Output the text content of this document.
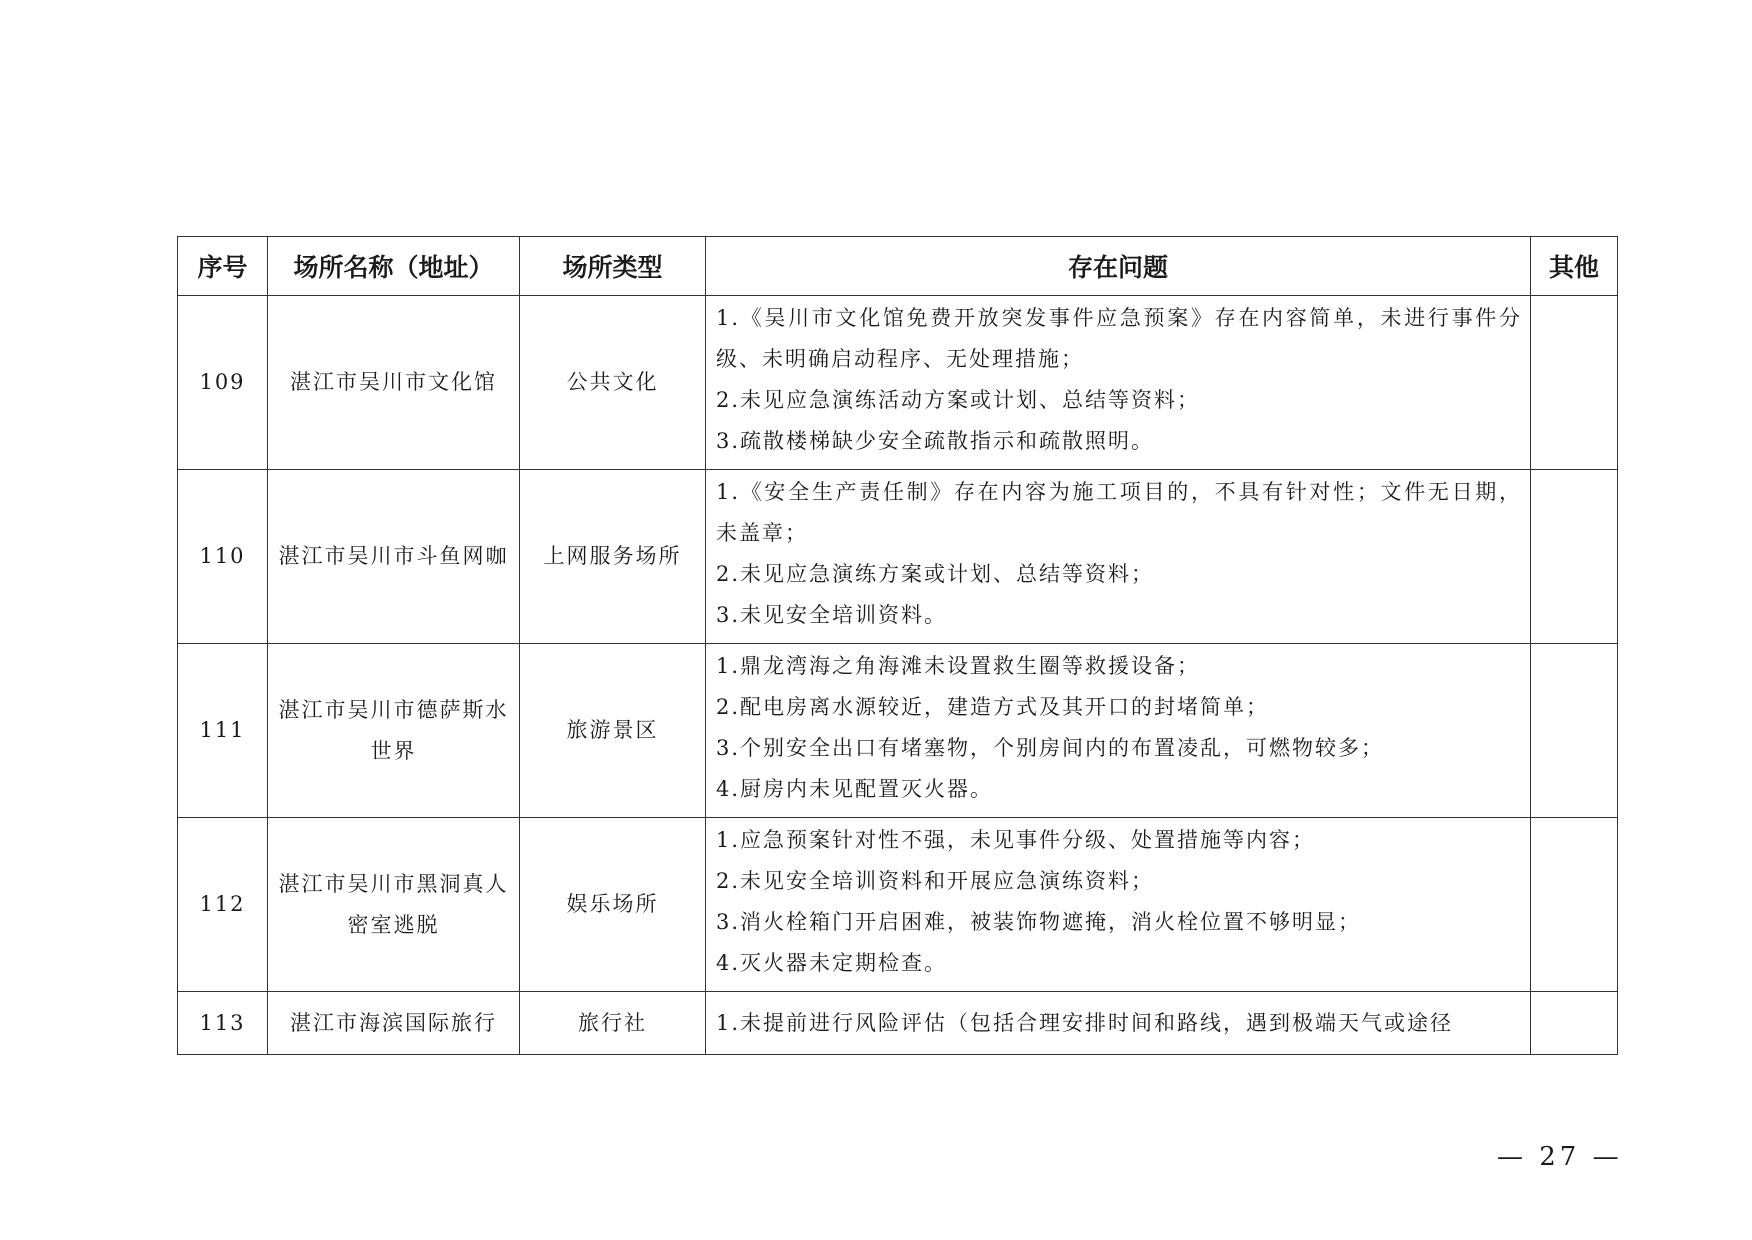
序号	场所名称（地址）	场所类型	存在问题	其他
109	湛江市吴川市文化馆	公共文化	1.《吴川市文化馆免费开放突发事件应急预案》存在内容简单，未进行事件分级、未明确启动程序、无处理措施；
2.未见应急演练活动方案或计划、总结等资料；
3.疏散楼梯缺少安全疏散指示和疏散照明。	

110	湛江市吴川市斗鱼网咖	上网服务场所	1.《安全生产责任制》存在内容为施工项目的，不具有针对性；文件无日期，未盖章；
2.未见应急演练方案或计划、总结等资料；
3.未见安全培训资料。	

111	湛江市吴川市德萨斯水世界	旅游景区	1.鼎龙湾海之角海滩未设置救生圈等救援设备；
2.配电房离水源较近，建造方式及其开口的封堵简单；
3.个别安全出口有堵塞物，个别房间内的布置凌乱，可燃物较多；
4.厨房内未见配置灭火器。	

112	湛江市吴川市黑洞真人密室逃脱	娱乐场所	1.应急预案针对性不强，未见事件分级、处置措施等内容；
2.未见安全培训资料和开展应急演练资料；
3.消火栓箱门开启困难，被装饰物遮掩，消火栓位置不够明显；
4.灭火器未定期检查。	

113	湛江市海滨国际旅行	旅行社	1.未提前进行风险评估（包括合理安排时间和路线，遇到极端天气或途径	

— 27 —
